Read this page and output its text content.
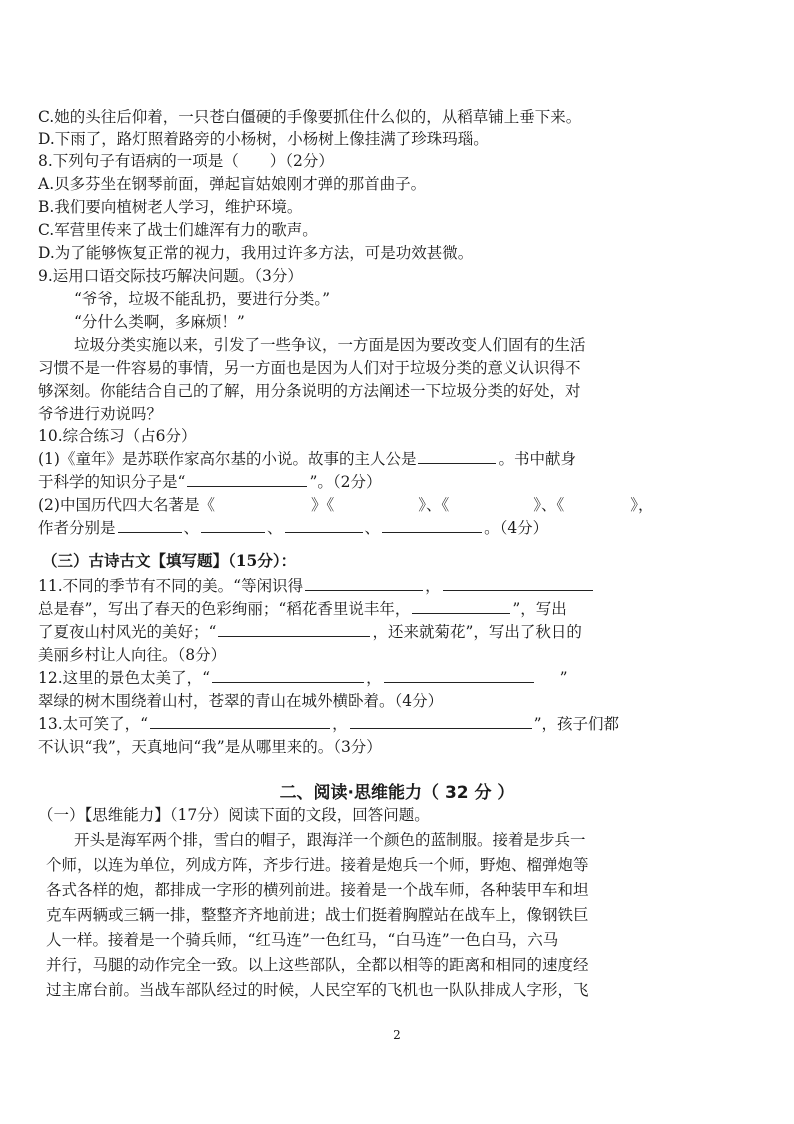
C.她的头往后仰着，一只苍白僵硬的手像要抓住什么似的，从稻草铺上垂下来。
D.下雨了，路灯照着路旁的小杨树，小杨树上像挂满了珍珠玛瑙。
8.下列句子有语病的一项是（　　）（2分）
A.贝多芬坐在钢琴前面，弹起盲姑娘刚才弹的那首曲子。
B.我们要向植树老人学习，维护环境。
C.军营里传来了战士们雄浑有力的歌声。
D.为了能够恢复正常的视力，我用过许多方法，可是功效甚微。
9.运用口语交际技巧解决问题。（3分）
“爷爷，垃圾不能乱扔，要进行分类。”
“分什么类啊，多麻烦！”
垃圾分类实施以来，引发了一些争议，一方面是因为要改变人们固有的生活
习惯不是一件容易的事情，另一方面也是因为人们对于垃圾分类的意义认识得不
够深刻。你能结合自己的了解，用分条说明的方法阐述一下垃圾分类的好处，对
爷爷进行劝说吗？
10.综合练习（占6分）
(1)《童年》是苏联作家高尔基的小说。故事的主人公是	。书中献身
于科学的知识分子是“	”。（2分）
(2)中国历代四大名著是《	》《	》、《	》、《	》，
作者分别是	、	、	、	。（4分）
（三）古诗古文【填写题】（15分）：
11.不同的季节有不同的美。“等闲识得	，
总是春”，写出了春天的色彩绚丽；“稻花香里说丰年，	”，写出
了夏夜山村风光的美好；“	，还来就菊花”，写出了秋日的
美丽乡村让人向往。（8分）
12.这里的景色太美了，“	，	”
翠绿的树木围绕着山村，苍翠的青山在城外横卧着。（4分）
13.太可笑了，“	，	”，孩子们都
不认识“我”，天真地问“我”是从哪里来的。（3分）
二、阅读·思维能力（ 32 分 ）
（一）【思维能力】（17分）阅读下面的文段，回答问题。
开头是海军两个排，雪白的帽子，跟海洋一个颜色的蓝制服。接着是步兵一
个师，以连为单位，列成方阵，齐步行进。接着是炮兵一个师，野炮、榴弹炮等
各式各样的炮，都排成一字形的横列前进。接着是一个战车师，各种装甲车和坦
克车两辆或三辆一排，整整齐齐地前进；战士们挺着胸膛站在战车上，像钢铁巨
人一样。接着是一个骑兵师，“红马连”一色红马，“白马连”一色白马，六马
并行，马腿的动作完全一致。以上这些部队，全都以相等的距离和相同的速度经
过主席台前。当战车部队经过的时候，人民空军的飞机也一队队排成人字形，飞
2
